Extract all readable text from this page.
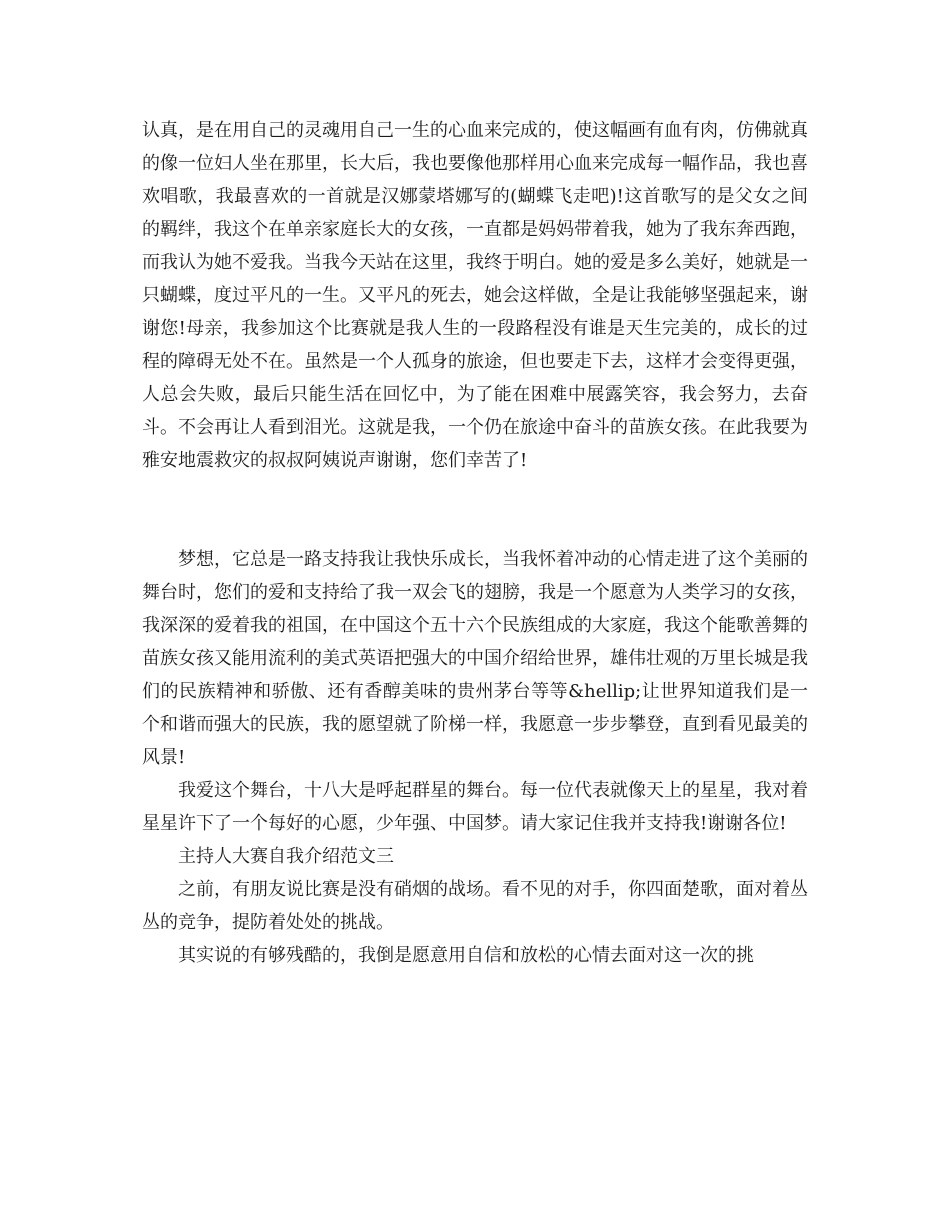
认真，是在用自己的灵魂用自己一生的心血来完成的，使这幅画有血有肉，仿佛就真的像一位妇人坐在那里，长大后，我也要像他那样用心血来完成每一幅作品，我也喜欢唱歌，我最喜欢的一首就是汉娜蒙塔娜写的(蝴蝶飞走吧)!这首歌写的是父女之间的羁绊，我这个在单亲家庭长大的女孩，一直都是妈妈带着我，她为了我东奔西跑，而我认为她不爱我。当我今天站在这里，我终于明白。她的爱是多么美好，她就是一只蝴蝶，度过平凡的一生。又平凡的死去，她会这样做，全是让我能够坚强起来，谢谢您!母亲，我参加这个比赛就是我人生的一段路程没有谁是天生完美的，成长的过程的障碍无处不在。虽然是一个人孤身的旅途，但也要走下去，这样才会变得更强，人总会失败，最后只能生活在回忆中，为了能在困难中展露笑容，我会努力，去奋斗。不会再让人看到泪光。这就是我，一个仍在旅途中奋斗的苗族女孩。在此我要为雅安地震救灾的叔叔阿姨说声谢谢，您们幸苦了!

梦想，它总是一路支持我让我快乐成长，当我怀着冲动的心情走进了这个美丽的舞台时，您们的爱和支持给了我一双会飞的翅膀，我是一个愿意为人类学习的女孩，我深深的爱着我的祖国，在中国这个五十六个民族组成的大家庭，我这个能歌善舞的苗族女孩又能用流利的美式英语把强大的中国介绍给世界，雄伟壮观的万里长城是我们的民族精神和骄傲、还有香醇美味的贵州茅台等等&hellip;让世界知道我们是一个和谐而强大的民族，我的愿望就了阶梯一样，我愿意一步步攀登，直到看见最美的风景!

我爱这个舞台，十八大是呼起群星的舞台。每一位代表就像天上的星星，我对着星星许下了一个每好的心愿，少年强、中国梦。请大家记住我并支持我!谢谢各位!

主持人大赛自我介绍范文三

之前，有朋友说比赛是没有硝烟的战场。看不见的对手，你四面楚歌，面对着丛丛的竞争，提防着处处的挑战。

其实说的有够残酷的，我倒是愿意用自信和放松的心情去面对这一次的挑
